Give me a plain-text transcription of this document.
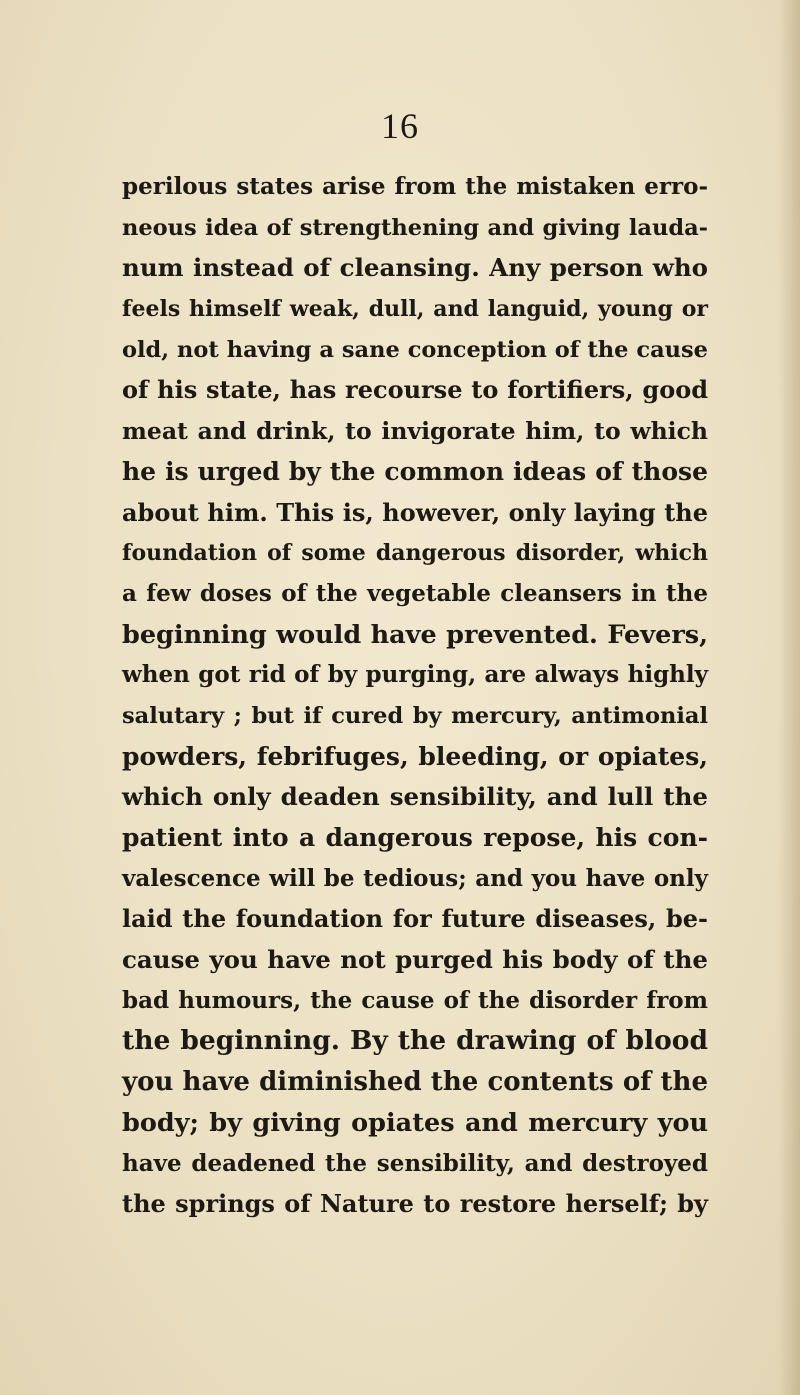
16
perilous states arise from the mistaken erro-
neous idea of strengthening and giving lauda-
num instead of cleansing. Any person who
feels himself weak, dull, and languid, young or
old, not having a sane conception of the cause
of his state, has recourse to fortifiers, good
meat and drink, to invigorate him, to which
he is urged by the common ideas of those
about him. This is, however, only laying the
foundation of some dangerous disorder, which
a few doses of the vegetable cleansers in the
beginning would have prevented. Fevers,
when got rid of by purging, are always highly
salutary ; but if cured by mercury, antimonial
powders, febrifuges, bleeding, or opiates,
which only deaden sensibility, and lull the
patient into a dangerous repose, his con-
valescence will be tedious; and you have only
laid the foundation for future diseases, be-
cause you have not purged his body of the
bad humours, the cause of the disorder from
the beginning. By the drawing of blood
you have diminished the contents of the
body; by giving opiates and mercury you
have deadened the sensibility, and destroyed
the springs of Nature to restore herself; by
